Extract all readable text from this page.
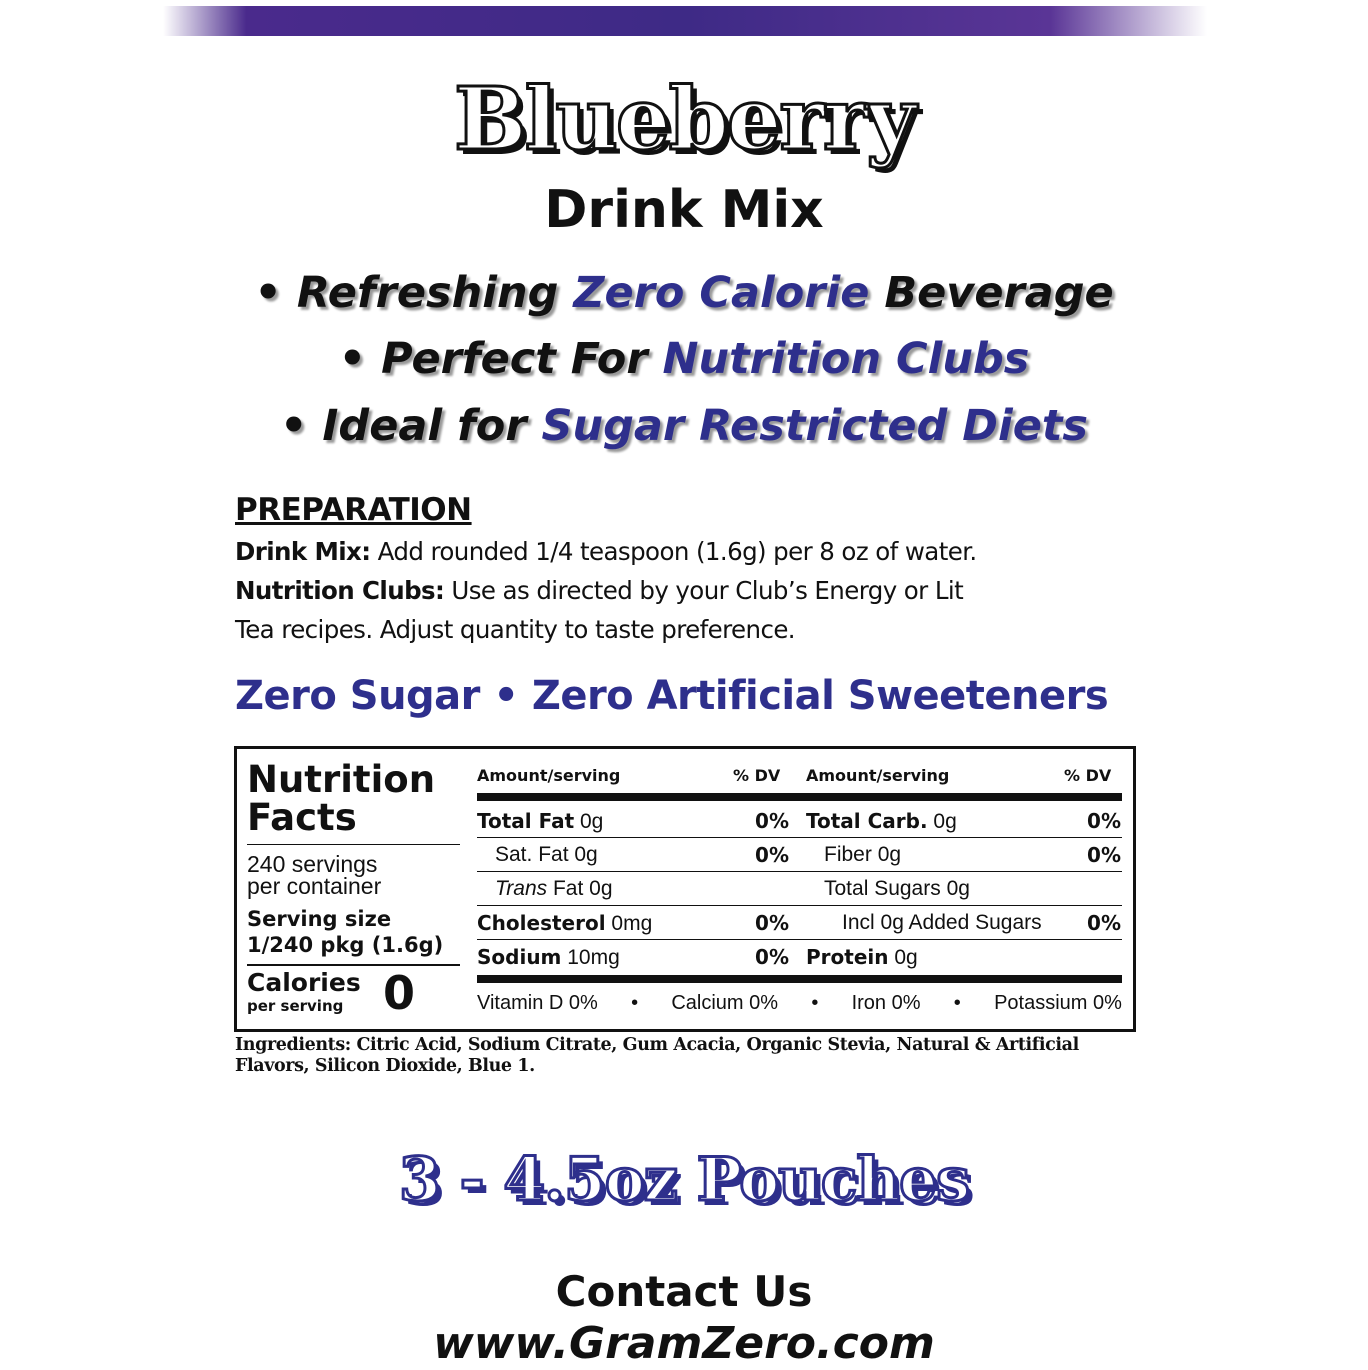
Blueberry
Drink Mix
• Refreshing Zero Calorie Beverage
• Perfect For Nutrition Clubs
• Ideal for Sugar Restricted Diets
PREPARATION
Drink Mix: Add rounded 1/4 teaspoon (1.6g) per 8 oz of water.
Nutrition Clubs: Use as directed by your Club’s Energy or Lit
Tea recipes. Adjust quantity to taste preference.
Zero Sugar • Zero Artificial Sweeteners
Nutrition
Facts
240 servings
per container
Serving size
1/240 pkg (1.6g)
Calories
per serving 0
Amount/serving	% DV Amount/serving	% DV
Total Fat 0g	0%
Sat. Fat 0g	0%
Trans Fat 0g
Cholesterol 0mg	0%
Sodium 10mg	0%
Total Carb. 0g	0%
Fiber 0g	0%
Total Sugars 0g
Incl 0g Added Sugars	0%
Protein 0g
Vitamin D 0% • Calcium 0% • Iron 0% • Potassium 0%
Ingredients: Citric Acid, Sodium Citrate, Gum Acacia, Organic Stevia, Natural & Artificial Flavors, Silicon Dioxide, Blue 1.
3 - 4.5oz Pouches
Contact Us
www.GramZero.com
